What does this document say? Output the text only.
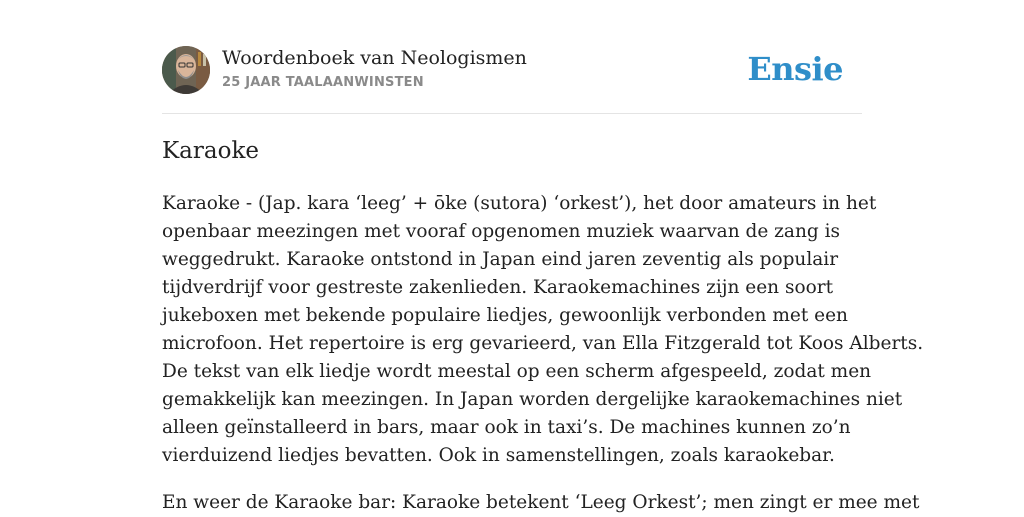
Woordenboek van Neologismen
25 JAAR TAALAANWINSTEN	Ensie
Karaoke

Karaoke - (Jap. kara ‘leeg’ + ōke (sutora) ‘orkest’), het door amateurs in het
openbaar meezingen met vooraf opgenomen muziek waarvan de zang is
weggedrukt. Karaoke ontstond in Japan eind jaren zeventig als populair
tijdverdrijf voor gestreste zakenlieden. Karaokemachines zijn een soort
jukeboxen met bekende populaire liedjes, gewoonlijk verbonden met een
microfoon. Het repertoire is erg gevarieerd, van Ella Fitzgerald tot Koos Alberts.
De tekst van elk liedje wordt meestal op een scherm afgespeeld, zodat men
gemakkelijk kan meezingen. In Japan worden dergelijke karaokemachines niet
alleen geïnstalleerd in bars, maar ook in taxi’s. De machines kunnen zo’n
vierduizend liedjes bevatten. Ook in samenstellingen, zoals karaokebar.

En weer de Karaoke bar: Karaoke betekent ‘Leeg Orkest’; men zingt er mee met
